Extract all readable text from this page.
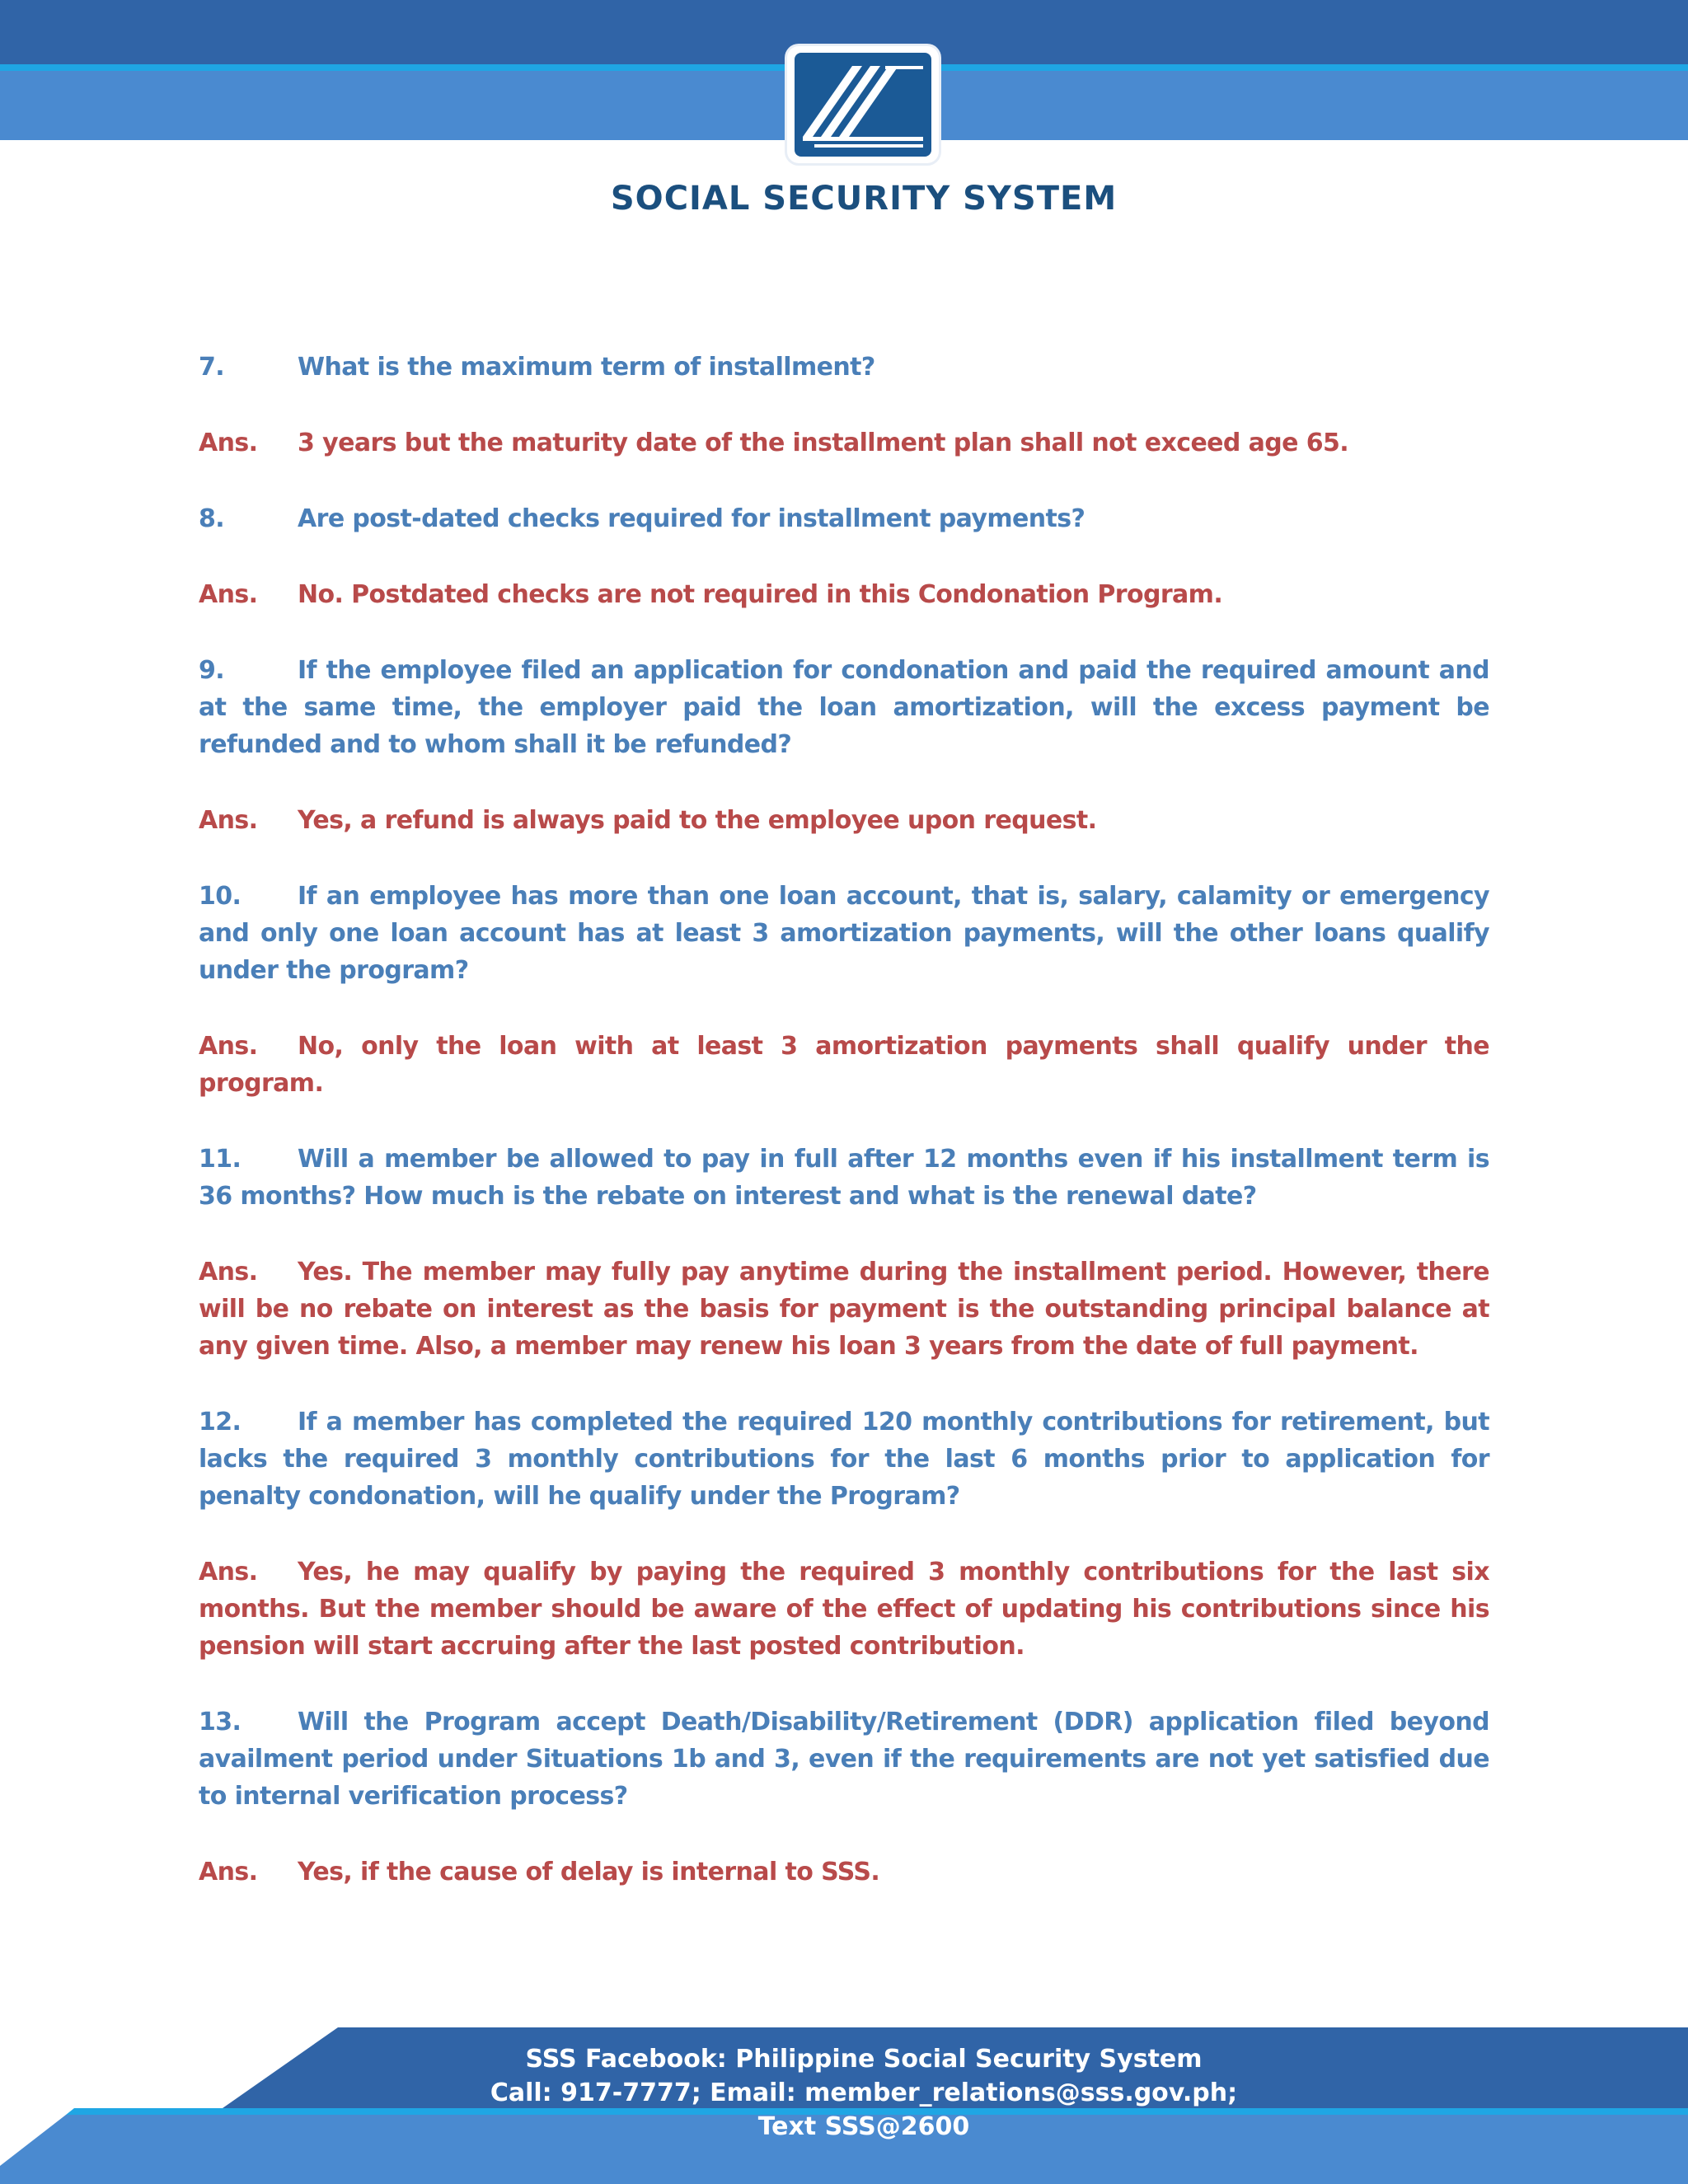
SOCIAL SECURITY SYSTEM

7.	What is the maximum term of installment?

Ans. 3 years but the maturity date of the installment plan shall not exceed age 65.

8.	Are post-dated checks required for installment payments?

Ans. No. Postdated checks are not required in this Condonation Program.

9.	If the employee filed an application for condonation and paid the required amount and at the same time, the employer paid the loan amortization, will the excess payment be refunded and to whom shall it be refunded?

Ans. Yes, a refund is always paid to the employee upon request.

10. If an employee has more than one loan account, that is, salary, calamity or emergency and only one loan account has at least 3 amortization payments, will the other loans qualify under the program?

Ans. No, only the loan with at least 3 amortization payments shall qualify under the program.

11. Will a member be allowed to pay in full after 12 months even if his installment term is 36 months? How much is the rebate on interest and what is the renewal date?

Ans. Yes. The member may fully pay anytime during the installment period. However, there will be no rebate on interest as the basis for payment is the outstanding principal balance at any given time. Also, a member may renew his loan 3 years from the date of full payment.

12. If a member has completed the required 120 monthly contributions for retirement, but lacks the required 3 monthly contributions for the last 6 months prior to application for penalty condonation, will he qualify under the Program?

Ans. Yes, he may qualify by paying the required 3 monthly contributions for the last six months. But the member should be aware of the effect of updating his contributions since his pension will start accruing after the last posted contribution.

13. Will the Program accept Death/Disability/Retirement (DDR) application filed beyond availment period under Situations 1b and 3, even if the requirements are not yet satisfied due to internal verification process?

Ans. Yes, if the cause of delay is internal to SSS.

SSS Facebook: Philippine Social Security System
Call: 917-7777; Email: member_relations@sss.gov.ph;
Text SSS@2600
